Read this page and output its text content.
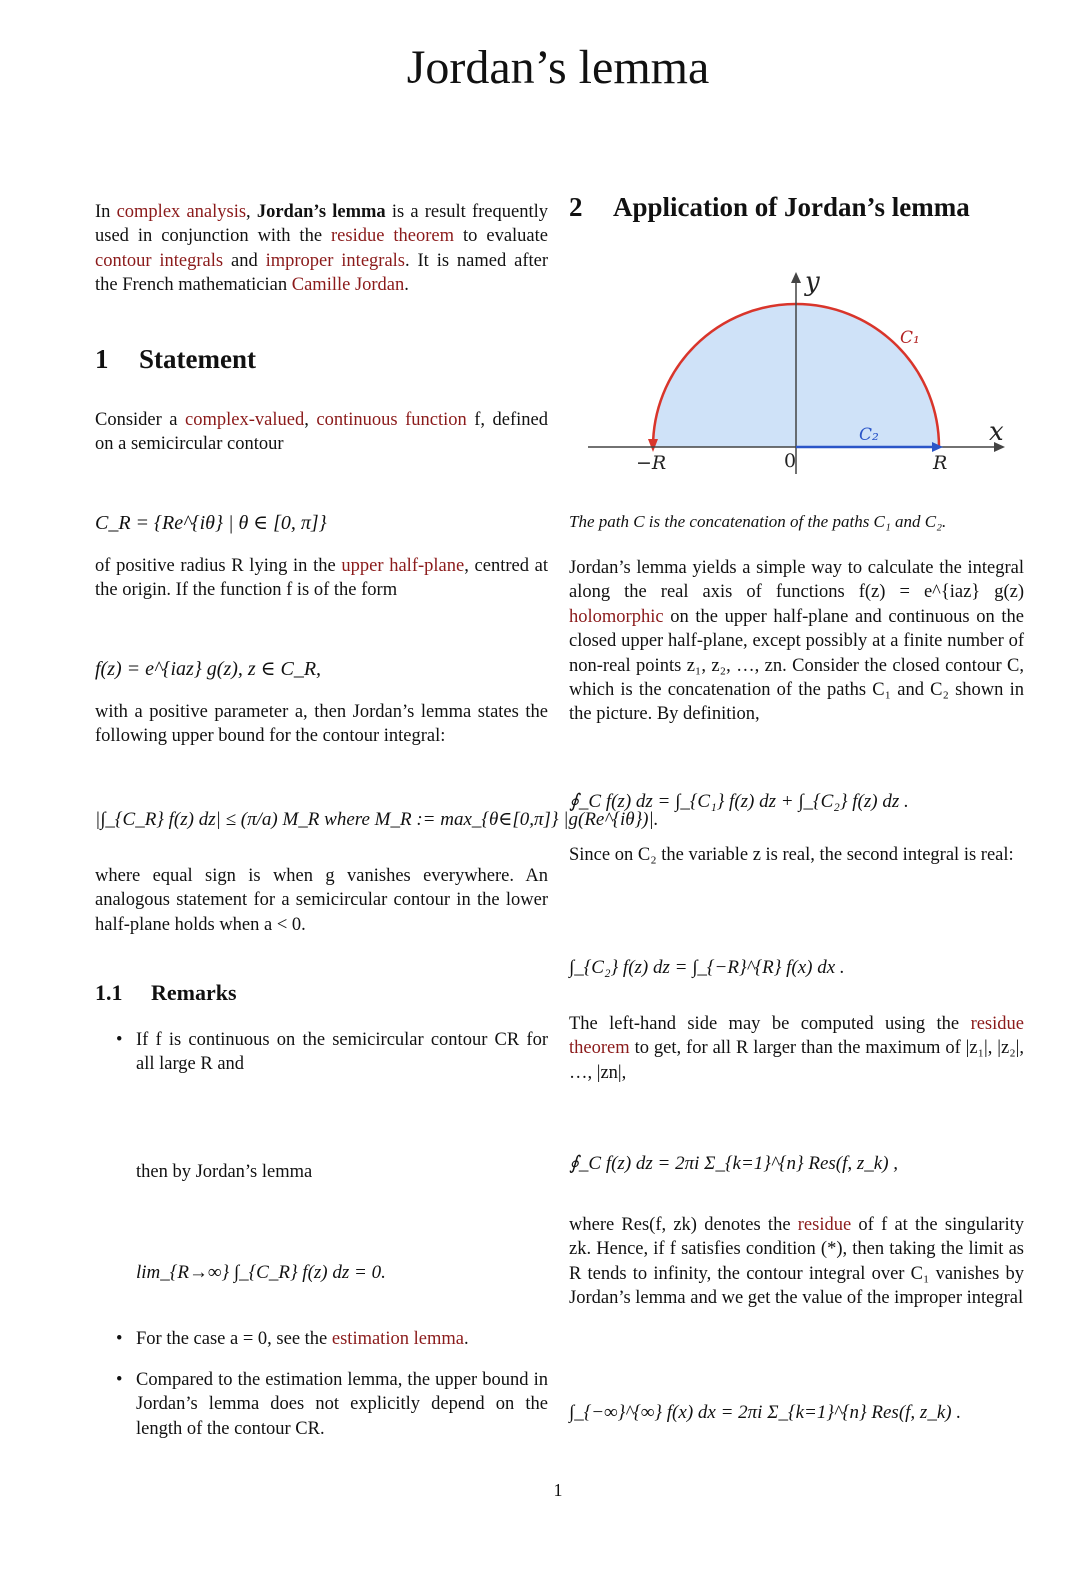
Jordan’s lemma
In complex analysis, Jordan’s lemma is a result frequently used in conjunction with the residue theorem to evaluate contour integrals and improper integrals. It is named after the French mathematician Camille Jordan.
1 Statement
Consider a complex-valued, continuous function f, defined on a semicircular contour
C_R = {Re^{iθ} | θ ∈ [0, π]}
of positive radius R lying in the upper half-plane, centred at the origin. If the function f is of the form
f(z) = e^{iaz} g(z), z ∈ C_R,
with a positive parameter a, then Jordan’s lemma states the following upper bound for the contour integral:
|∫_{C_R} f(z) dz| ≤ (π/a) M_R where M_R := max_{θ∈[0,π]} |g(Re^{iθ})|.
where equal sign is when g vanishes everywhere. An analogous statement for a semicircular contour in the lower half-plane holds when a < 0.
1.1 Remarks
• If f is continuous on the semicircular contour CR for all large R and
then by Jordan’s lemma
lim_{R→∞} ∫_{C_R} f(z) dz = 0.
• For the case a = 0, see the estimation lemma.
• Compared to the estimation lemma, the upper bound in Jordan’s lemma does not explicitly depend on the length of the contour CR.
2 Application of Jordan’s lemma
y
x
C₁
C₂
−R	0	R
The path C is the concatenation of the paths C₁ and C₂.
Jordan’s lemma yields a simple way to calculate the integral along the real axis of functions f(z) = e^{iaz} g(z) holomorphic on the upper half-plane and continuous on the closed upper half-plane, except possibly at a finite number of non-real points z₁, z₂, …, zn. Consider the closed contour C, which is the concatenation of the paths C₁ and C₂ shown in the picture. By definition,
∮_C f(z) dz = ∫_{C₁} f(z) dz + ∫_{C₂} f(z) dz .
Since on C₂ the variable z is real, the second integral is real:
∫_{C₂} f(z) dz = ∫_{−R}^{R} f(x) dx .
The left-hand side may be computed using the residue theorem to get, for all R larger than the maximum of |z₁|, |z₂|, …, |zn|,
∮_C f(z) dz = 2πi Σ_{k=1}^{n} Res(f, z_k) ,
where Res(f, zk) denotes the residue of f at the singularity zk. Hence, if f satisfies condition (*), then taking the limit as R tends to infinity, the contour integral over C₁ vanishes by Jordan’s lemma and we get the value of the improper integral
∫_{−∞}^{∞} f(x) dx = 2πi Σ_{k=1}^{n} Res(f, z_k) .
1
